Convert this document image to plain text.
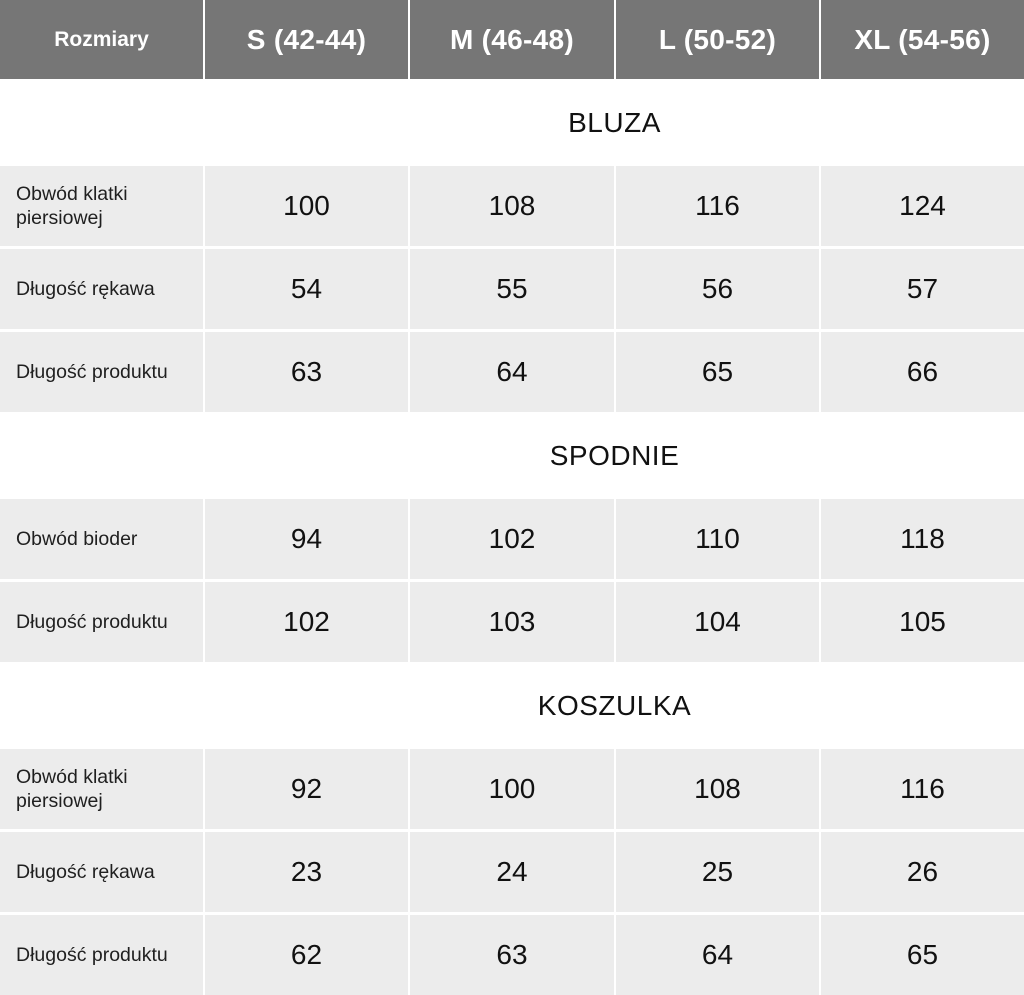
Rozmiary	S (42-44)	M (46-48)	L (50-52)	XL (54-56)
BLUZA
Obwód klatki piersiowej	100	108	116	124
Długość rękawa	54	55	56	57
Długość produktu	63	64	65	66
SPODNIE
Obwód bioder	94	102	110	118
Długość produktu	102	103	104	105
KOSZULKA
Obwód klatki piersiowej	92	100	108	116
Długość rękawa	23	24	25	26
Długość produktu	62	63	64	65
